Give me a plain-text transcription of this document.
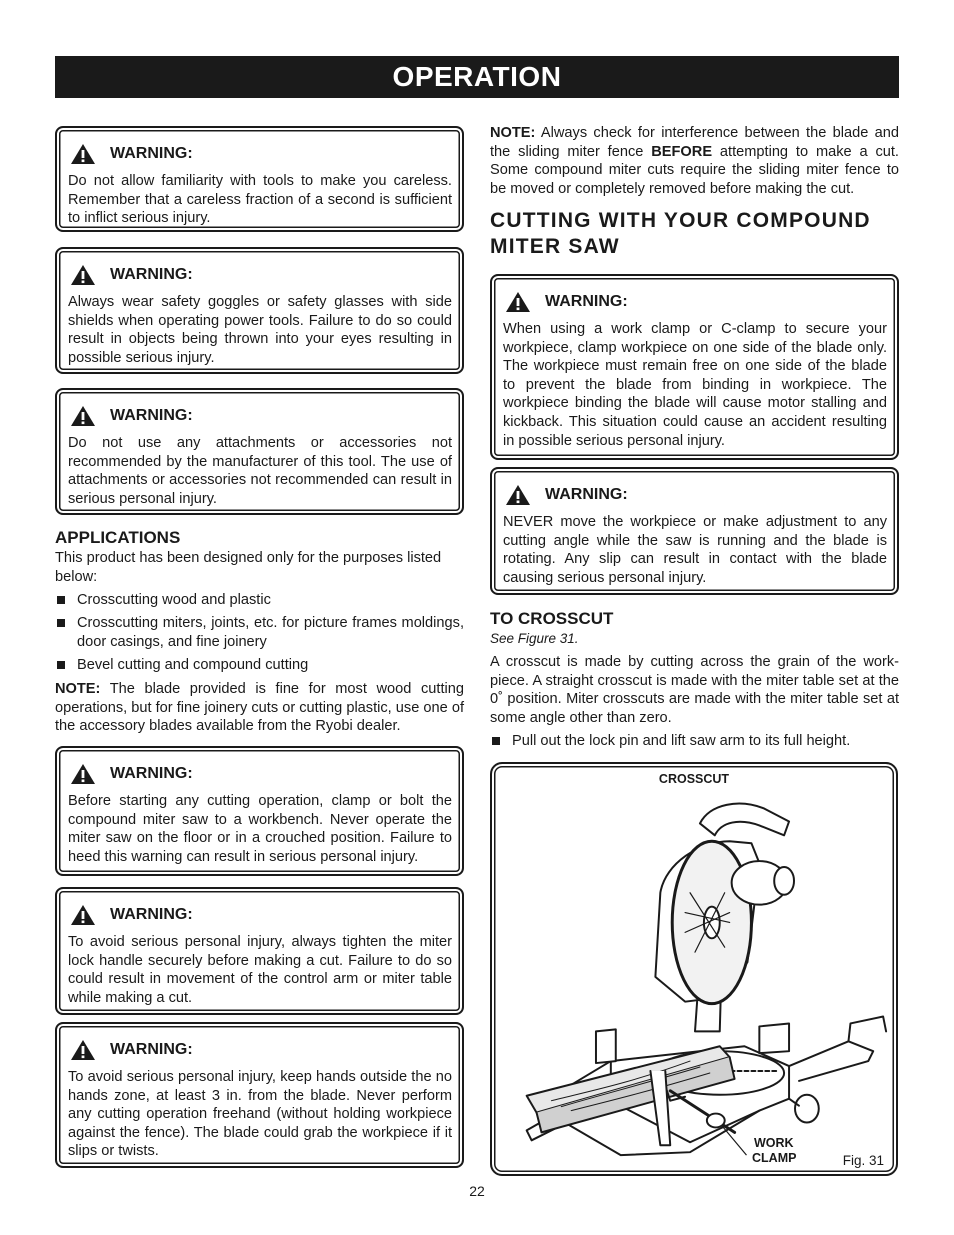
OPERATION
WARNING:
Do not allow familiarity with tools to make you careless. Remember that a careless fraction of a second is sufficient to inflict serious injury.
WARNING:
Always wear safety goggles or safety glasses with side shields when operating power tools. Failure to do so could result in objects being thrown into your eyes resulting in possible serious injury.
WARNING:
Do not use any attachments or accessories not recommended by the manufacturer of this tool. The use of attachments or accessories not recommended can result in serious personal injury.
APPLICATIONS
This product has been designed only for the purposes listed below:
Crosscutting wood and plastic
Crosscutting miters, joints, etc. for picture frames moldings, door casings, and fine joinery
Bevel cutting and compound cutting
NOTE: The blade provided is fine for most wood cutting operations, but for fine joinery cuts or cutting plastic, use one of the accessory blades available from the Ryobi dealer.
WARNING:
Before starting any cutting operation, clamp or bolt the compound miter saw to a workbench. Never operate the miter saw on the floor or in a crouched position. Failure to heed this warning can result in serious personal injury.
WARNING:
To avoid serious personal injury, always tighten the miter lock handle securely before making a cut. Failure to do so could result in movement of the control arm or miter table while making a cut.
WARNING:
To avoid serious personal injury, keep hands outside the no hands zone, at least 3 in. from the blade. Never perform any cutting operation freehand (without holding workpiece against the fence). The blade could grab the workpiece if it slips or twists.
NOTE: Always check for interference between the blade and the sliding miter fence BEFORE attempting to make a cut. Some compound miter cuts require the sliding miter fence to be moved or completely removed before making the cut.
CUTTING WITH YOUR COMPOUND MITER SAW
WARNING:
When using a work clamp or C-clamp to secure your workpiece, clamp workpiece on one side of the blade only. The workpiece must remain free on one side of the blade to prevent the blade from binding in workpiece. The workpiece binding the blade will cause motor stalling and kickback. This situation could cause an accident resulting in possible serious personal injury.
WARNING:
NEVER move the workpiece or make adjustment to any cutting angle while the saw is running and the blade is rotating. Any slip can result in contact with the blade causing serious personal injury.
TO CROSSCUT
See Figure 31.
A crosscut is made by cutting across the grain of the work-piece. A straight crosscut is made with the miter table set at the 0˚ position. Miter crosscuts are made with the miter table set at some angle other than zero.
Pull out the lock pin and lift saw arm to its full height.
CROSSCUT
WORK
CLAMP	Fig. 31
22
